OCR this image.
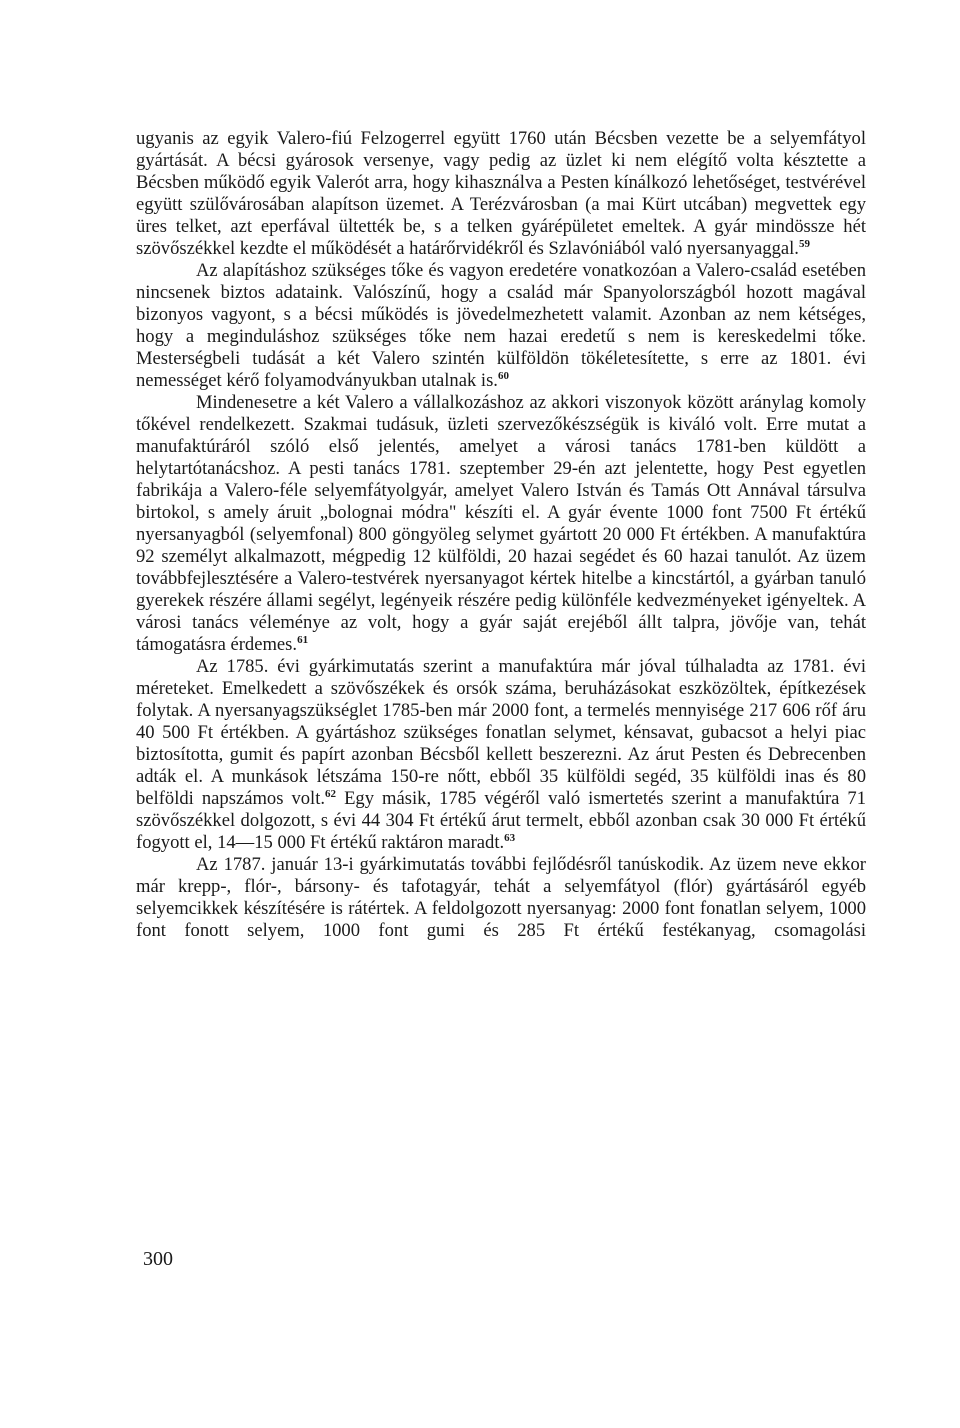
ugyanis az egyik Valero-fiú Felzogerrel együtt 1760 után Bécsben vezette be a selyemfátyol gyártását. A bécsi gyárosok versenye, vagy pedig az üzlet ki nem elégítő volta késztette a Bécsben működő egyik Valerót arra, hogy kihasználva a Pesten kínálkozó lehetőséget, testvérével együtt szülővárosában alapítson üzemet. A Terézvárosban (a mai Kürt utcában) megvettek egy üres telket, azt eperfával ültették be, s a telken gyárépületet emeltek. A gyár mindössze hét szövőszékkel kezdte el működését a határőrvidékről és Szlavóniából való nyersanyaggal.$^{59}$

Az alapításhoz szükséges tőke és vagyon eredetére vonatkozóan a Valero-család esetében nincsenek biztos adataink. Valószínű, hogy a család már Spanyolországból hozott magával bizonyos vagyont, s a bécsi működés is jövedelmezhetett valamit. Azonban az nem kétséges, hogy a meginduláshoz szükséges tőke nem hazai eredetű s nem is kereskedelmi tőke. Mesterségbeli tudását a két Valero szintén külföldön tökéletesítette, s erre az 1801. évi nemességet kérő folyamodványukban utalnak is.$^{60}$

Mindenesetre a két Valero a vállalkozáshoz az akkori viszonyok között aránylag komoly tőkével rendelkezett. Szakmai tudásuk, üzleti szervezőkészségük is kiváló volt. Erre mutat a manufaktúráról szóló első jelentés, amelyet a városi tanács 1781-ben küldött a helytartótanácshoz. A pesti tanács 1781. szeptember 29-én azt jelentette, hogy Pest egyetlen fabrikája a Valero-féle selyemfátyolgyár, amelyet Valero István és Tamás Ott Annával társulva birtokol, s amely áruit „bolognai módra" készíti el. A gyár évente 1000 font 7500 Ft értékű nyersanyagból (selyemfonal) 800 göngyöleg selymet gyártott 20 000 Ft értékben. A manufaktúra 92 személyt alkalmazott, mégpedig 12 külföldi, 20 hazai segédet és 60 hazai tanulót. Az üzem továbbfejlesztésére a Valero-testvérek nyersanyagot kértek hitelbe a kincstártól, a gyárban tanuló gyerekek részére állami segélyt, legényeik részére pedig különféle kedvezményeket igényeltek. A városi tanács véleménye az volt, hogy a gyár saját erejéből állt talpra, jövője van, tehát támogatásra érdemes.$^{61}$

Az 1785. évi gyárkimutatás szerint a manufaktúra már jóval túlhaladta az 1781. évi méreteket. Emelkedett a szövőszékek és orsók száma, beruházásokat eszközöltek, építkezések folytak. A nyersanyagszükséglet 1785-ben már 2000 font, a termelés mennyisége 217 606 rőf áru 40 500 Ft értékben. A gyártáshoz szükséges fonatlan selymet, kénsavat, gubacsot a helyi piac biztosította, gumit és papírt azonban Bécsből kellett beszerezni. Az árut Pesten és Debrecenben adták el. A munkások létszáma 150-re nőtt, ebből 35 külföldi segéd, 35 külföldi inas és 80 belföldi napszámos volt.$^{62}$ Egy másik, 1785 végéről való ismertetés szerint a manufaktúra 71 szövőszékkel dolgozott, s évi 44 304 Ft értékű árut termelt, ebből azonban csak 30 000 Ft értékű fogyott el, 14—15 000 Ft értékű raktáron maradt.$^{63}$

Az 1787. január 13-i gyárkimutatás további fejlődésről tanúskodik. Az üzem neve ekkor már krepp-, flór-, bársony- és tafotagyár, tehát a selyemfátyol (flór) gyártásáról egyéb selyemcikkek készítésére is rátértek. A feldolgozott nyersanyag: 2000 font fonatlan selyem, 1000 font fonott selyem, 1000 font gumi és 285 Ft értékű festékanyag, csomagolási

300
